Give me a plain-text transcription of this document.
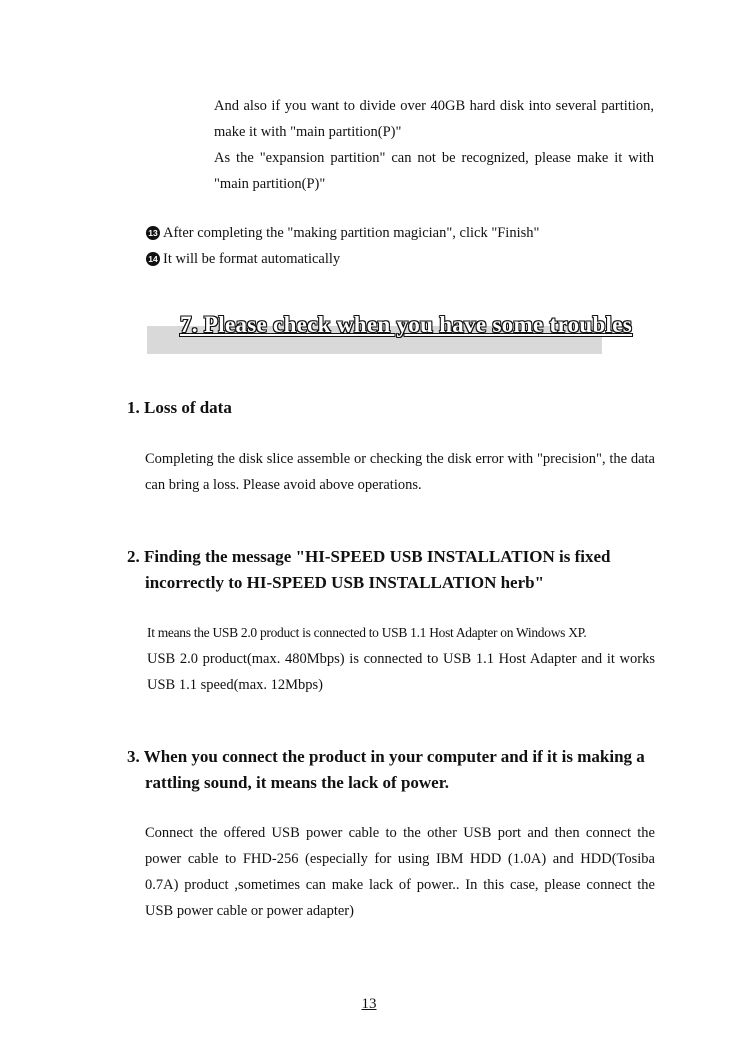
And also if you want to divide over 40GB hard disk into several partition, make it with "main partition(P)"

As the "expansion partition" can not be recognized, please make it with "main partition(P)"

13 After completing the "making partition magician", click "Finish"
14 It will be format automatically
7. Please check when you have some troubles

1. Loss of data

Completing the disk slice assemble or checking the disk error with "precision", the data can bring a loss. Please avoid above operations.

2. Finding the message "HI-SPEED USB INSTALLATION is fixed
incorrectly to HI-SPEED USB INSTALLATION herb"

It means the USB 2.0 product is connected to USB 1.1 Host Adapter on Windows XP.

USB 2.0 product(max. 480Mbps) is connected to USB 1.1 Host Adapter and it works USB 1.1 speed(max. 12Mbps)

3. When you connect the product in your computer and if it is making a
rattling sound, it means the lack of power.

Connect the offered USB power cable to the other USB port and then connect the power cable to FHD-256 (especially for using IBM HDD (1.0A) and HDD(Tosiba 0.7A) product ,sometimes can make lack of power.. In this case, please connect the USB power cable or power adapter)

13
